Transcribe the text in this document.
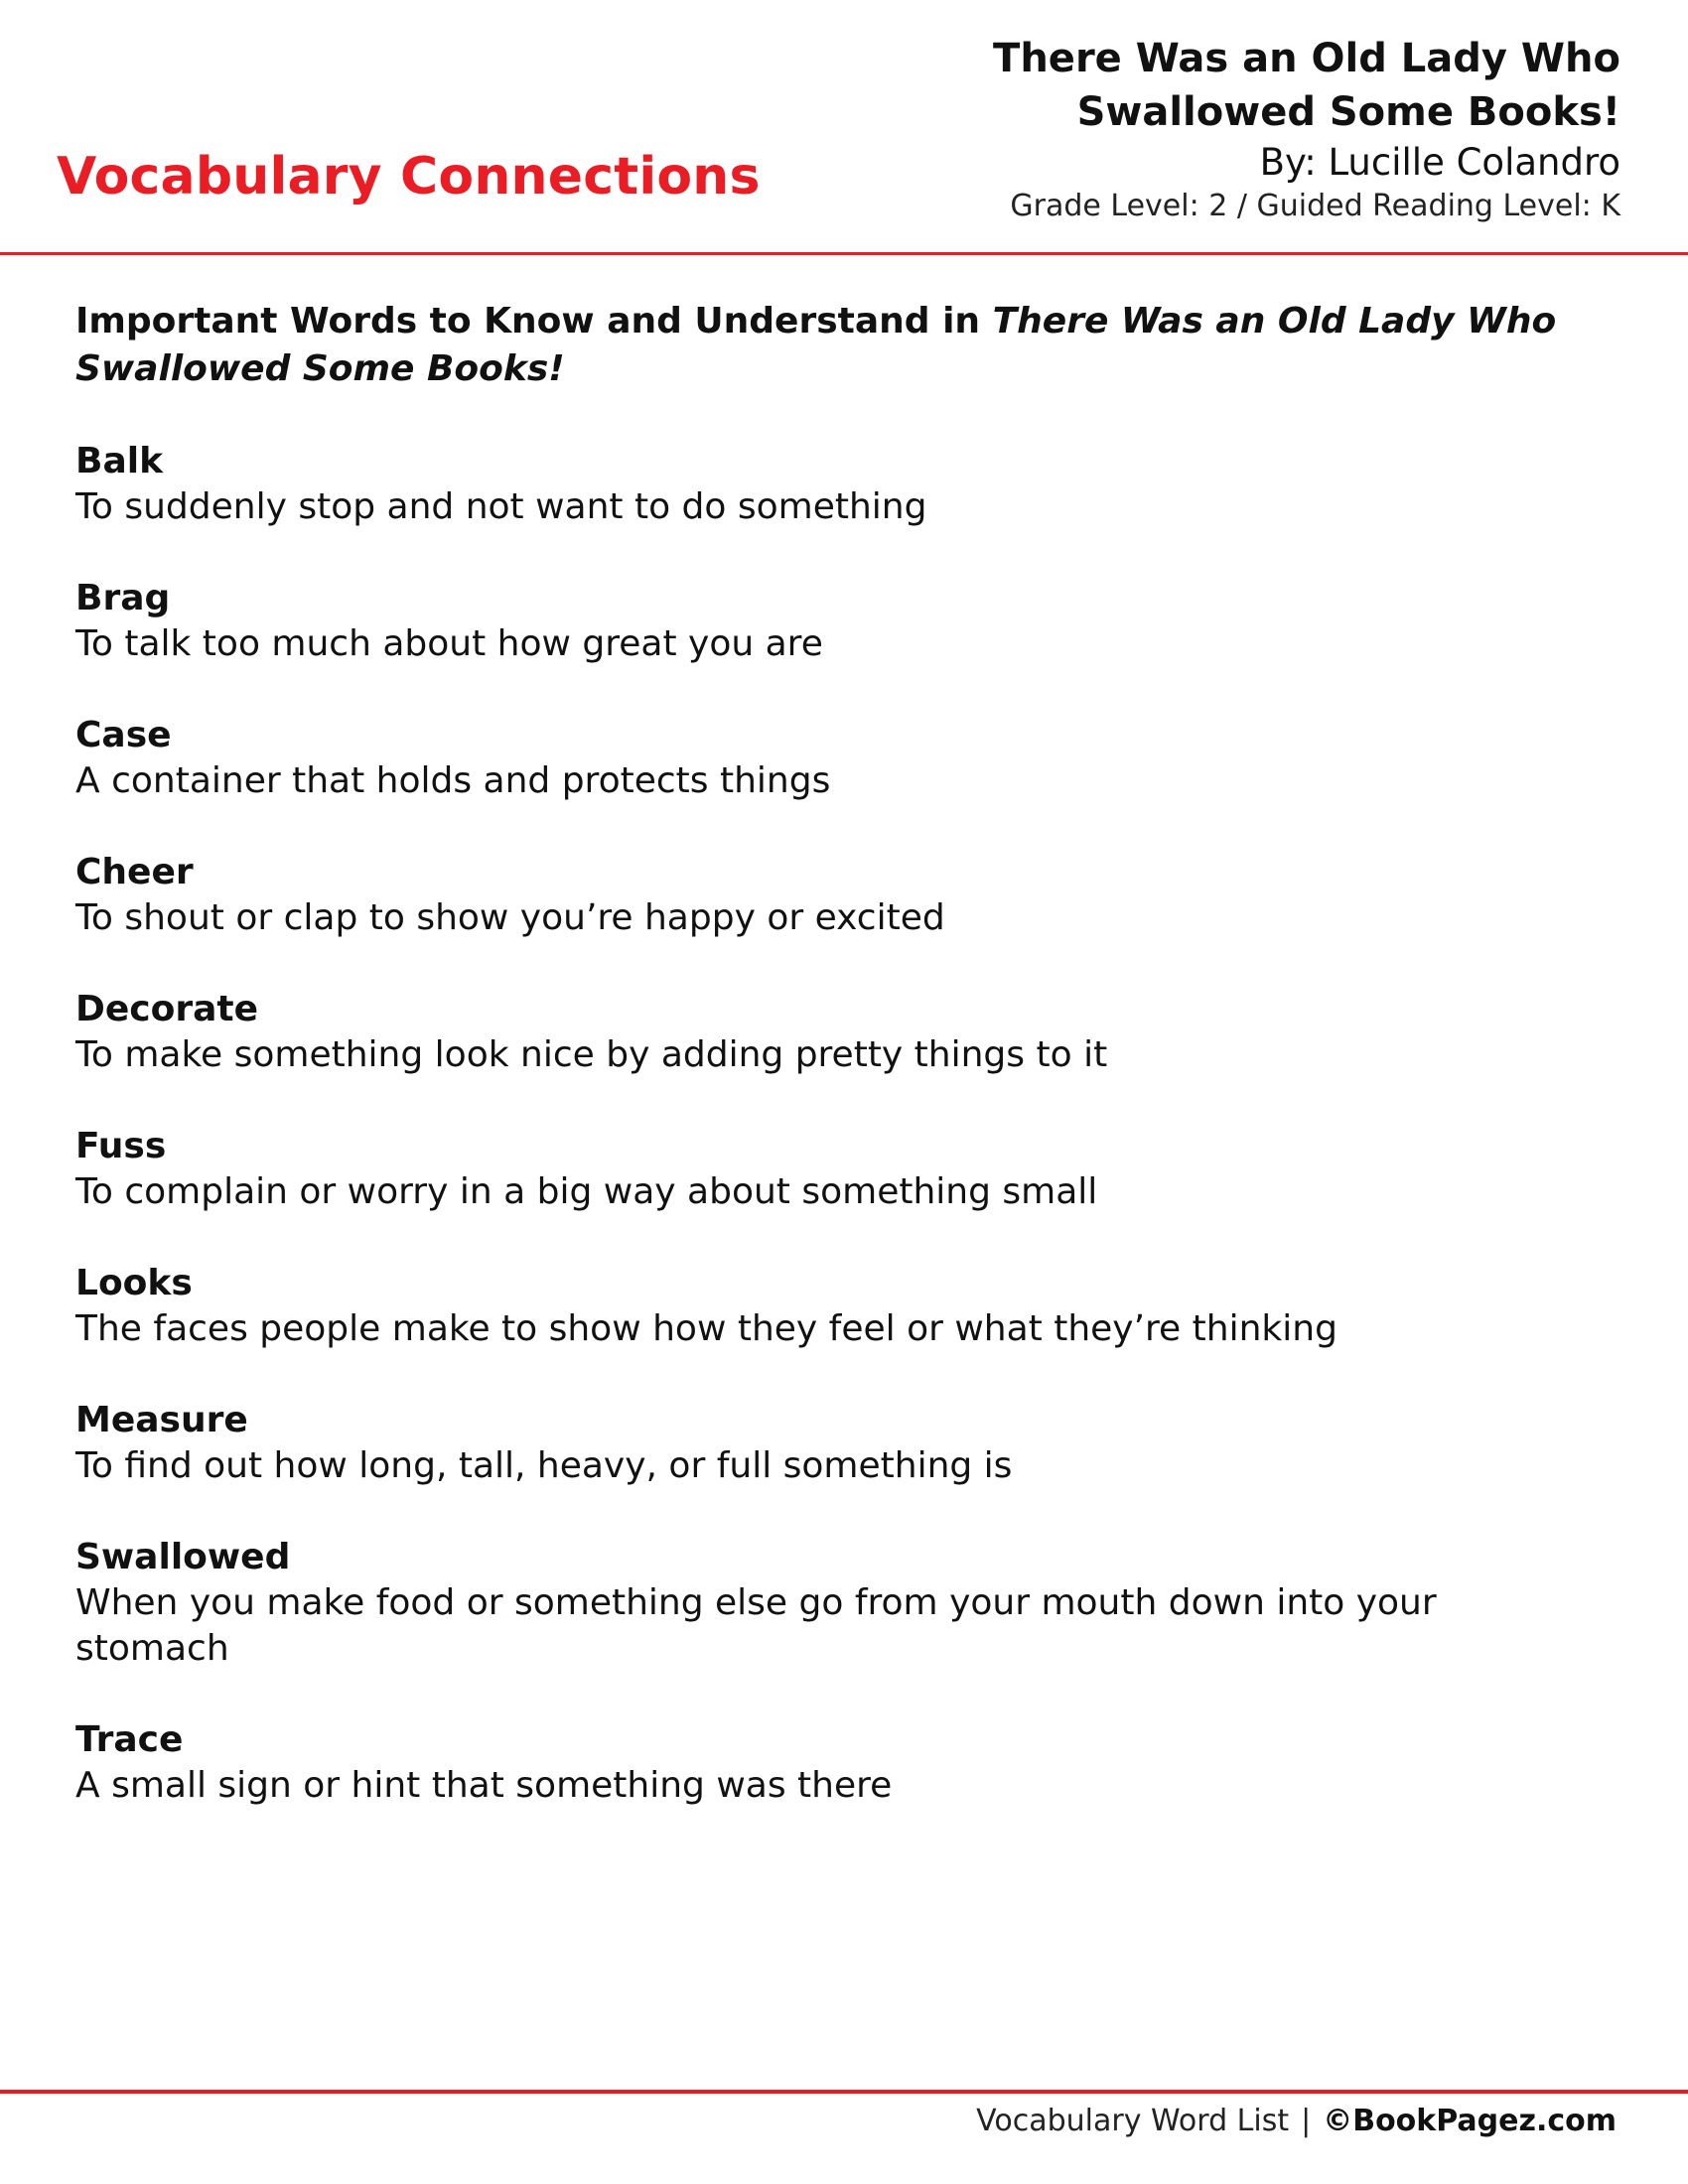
Vocabulary Connections

There Was an Old Lady Who

Swallowed Some Books!

By: Lucille Colandro

Grade Level: 2 / Guided Reading Level: K

Important Words to Know and Understand in There Was an Old Lady Who Swallowed Some Books!

Balk

To suddenly stop and not want to do something

Brag

To talk too much about how great you are

Case

A container that holds and protects things

Cheer

To shout or clap to show you’re happy or excited

Decorate

To make something look nice by adding pretty things to it

Fuss

To complain or worry in a big way about something small

Looks

The faces people make to show how they feel or what they’re thinking

Measure

To find out how long, tall, heavy, or full something is

Swallowed

When you make food or something else go from your mouth down into your stomach

Trace

A small sign or hint that something was there

Vocabulary Word List | ©BookPagez.com
